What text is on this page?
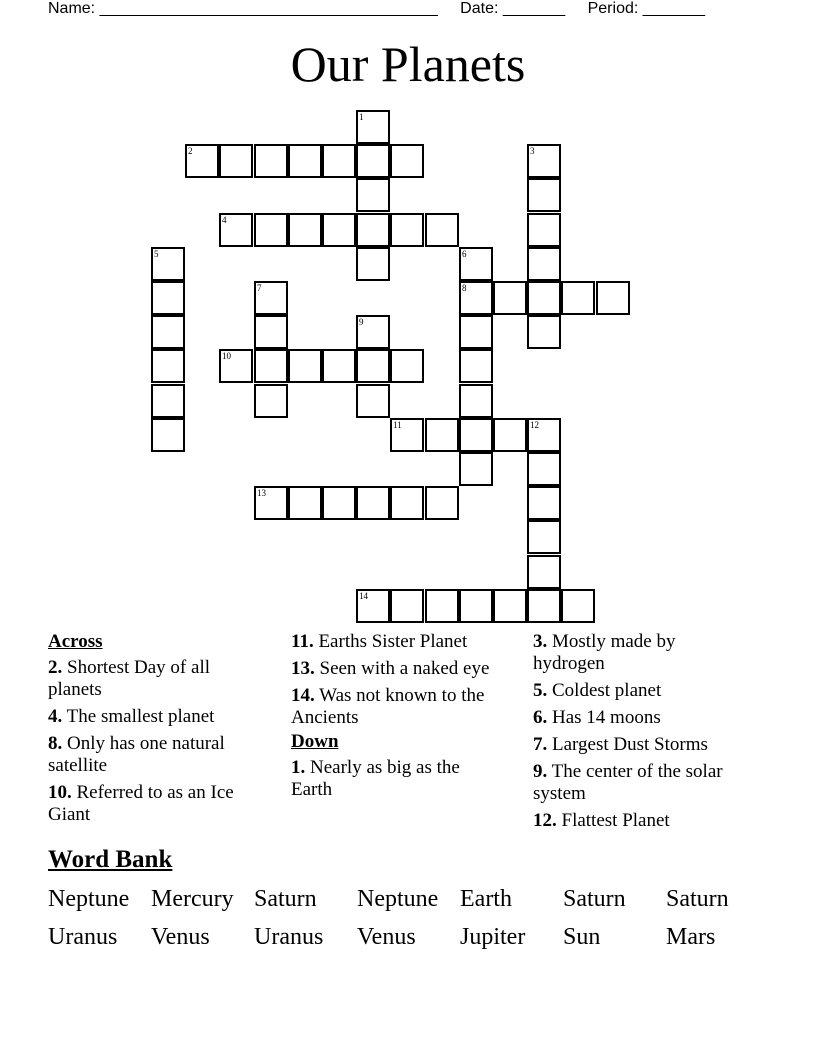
Name: ______________________________________ Date: _______ Period: _______
Our Planets
1
2	3
4
5	6
7	8
9
10
11	12
13
14
Across
2. Shortest Day of all planets
4. The smallest planet
8. Only has one natural satellite
10. Referred to as an Ice Giant
11. Earths Sister Planet
13. Seen with a naked eye
14. Was not known to the Ancients
Down
1. Nearly as big as the Earth
3. Mostly made by hydrogen
5. Coldest planet
6. Has 14 moons
7. Largest Dust Storms
9. The center of the solar system
12. Flattest Planet
Word Bank
Neptune Mercury Saturn Neptune Earth Saturn Saturn
Uranus Venus Uranus Venus Jupiter Sun	Mars
